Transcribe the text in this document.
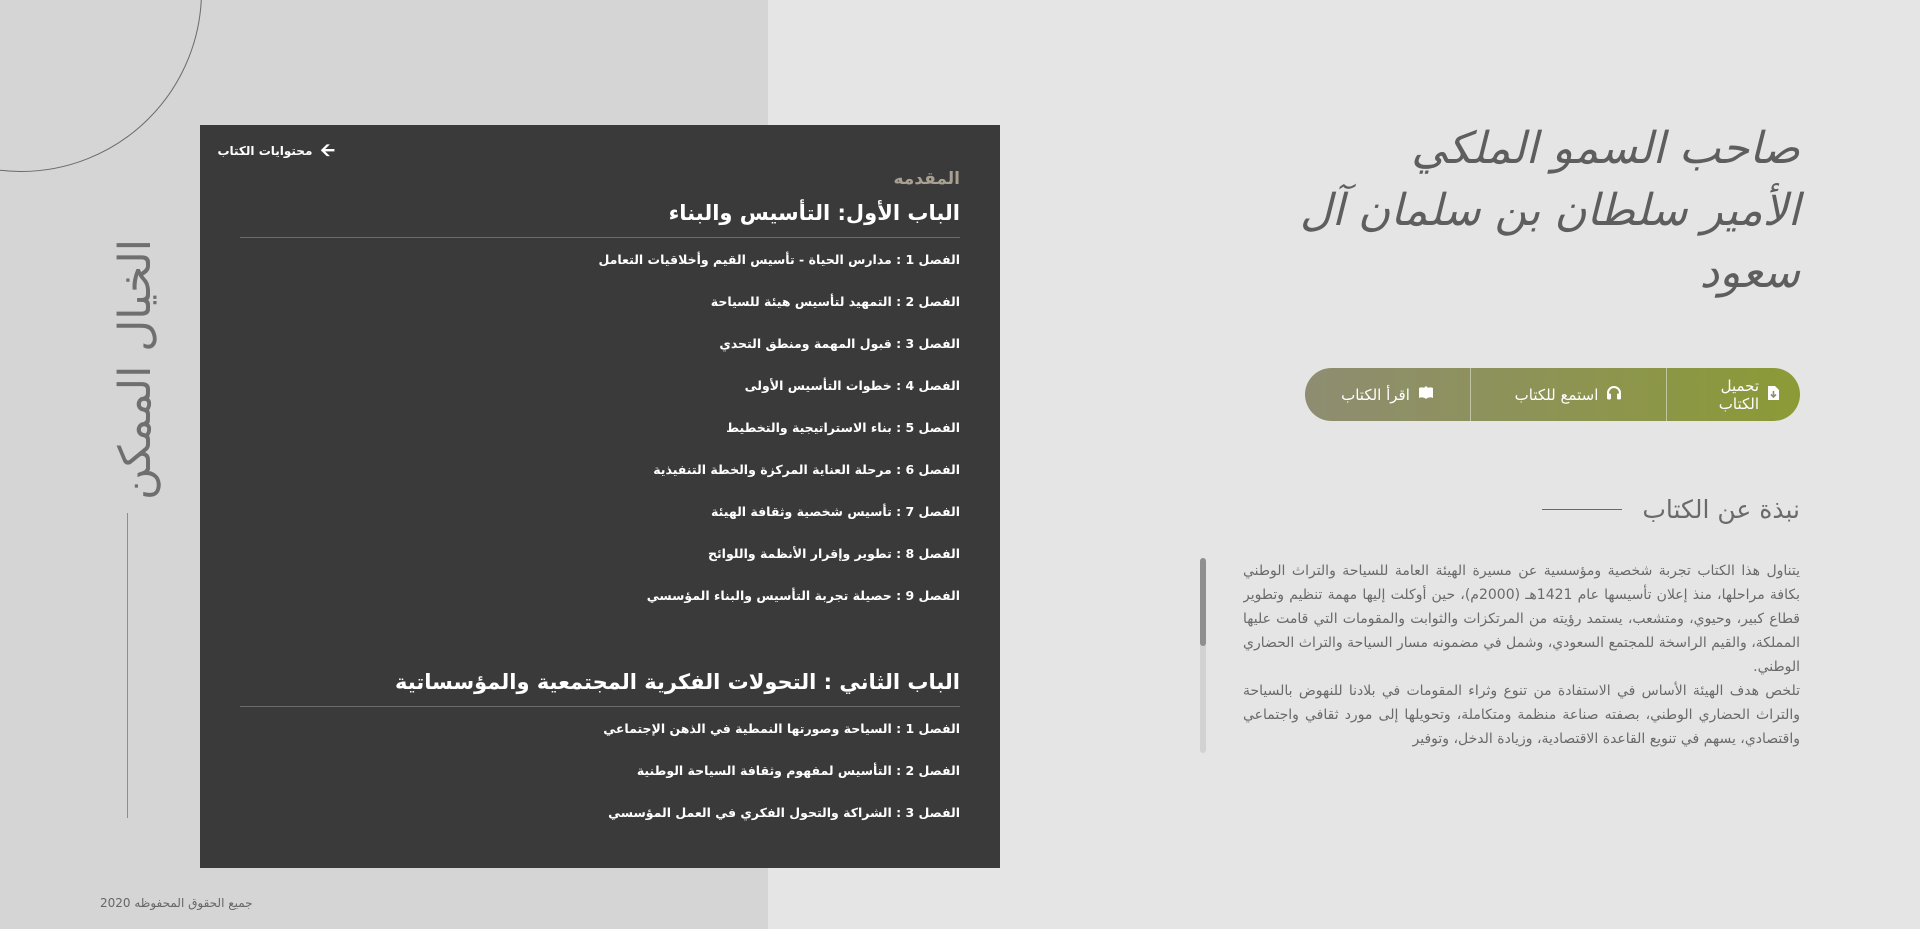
الخيال الممكن
جميع الحقوق المحفوظه 2020
🡨
محتوايات الكتاب
المقدمه
الباب الأول: التأسيس والبناء
الفصل 1 : مدارس الحياة - تأسيس القيم وأخلاقيات التعامل
الفصل 2 : التمهيد لتأسيس هيئة للسياحة
الفصل 3 : قبول المهمة ومنطق التحدي
الفصل 4 : خطوات التأسيس الأولى
الفصل 5 : بناء الاستراتيجية والتخطيط
الفصل 6 : مرحلة العناية المركزة والخطة التنفيذية
الفصل 7 : تأسيس شخصية وثقافة الهيئة
الفصل 8 : تطوير وإقرار الأنظمة واللوائح
الفصل 9 : حصيلة تجربة التأسيس والبناء المؤسسي
الباب الثاني : التحولات الفكرية المجتمعية والمؤسساتية
الفصل 1 : السياحة وصورتها النمطية في الذهن الإجتماعي
الفصل 2 : التأسيس لمفهوم وثقافة السياحة الوطنية
الفصل 3 : الشراكة والتحول الفكري في العمل المؤسسي
صاحب السمو الملكي
الأمير سلطان بن سلمان آل سعود
اقرأ الكتاب	استمع للكتاب	تحميل الكتاب
نبذة عن الكتاب

يتناول هذا الكتاب تجربة شخصية ومؤسسية عن مسيرة الهيئة العامة للسياحة والتراث الوطني بكافة مراحلها، منذ إعلان تأسيسها عام 1421هـ (2000م)، حين أوكلت إليها مهمة تنظيم وتطوير قطاع كبير، وحيوي، ومتشعب، يستمد رؤيته من المرتكزات والثوابت والمقومات التي قامت عليها المملكة، والقيم الراسخة للمجتمع السعودي، وشمل في مضمونه مسار السياحة والتراث الحضاري الوطني.

تلخص هدف الهيئة الأساس في الاستفادة من تنوع وثراء المقومات في بلادنا للنهوض بالسياحة والتراث الحضاري الوطني، بصفته صناعة منظمة ومتكاملة، وتحويلها إلى مورد ثقافي واجتماعي واقتصادي، يسهم في تنويع القاعدة الاقتصادية، وزيادة الدخل، وتوفير
